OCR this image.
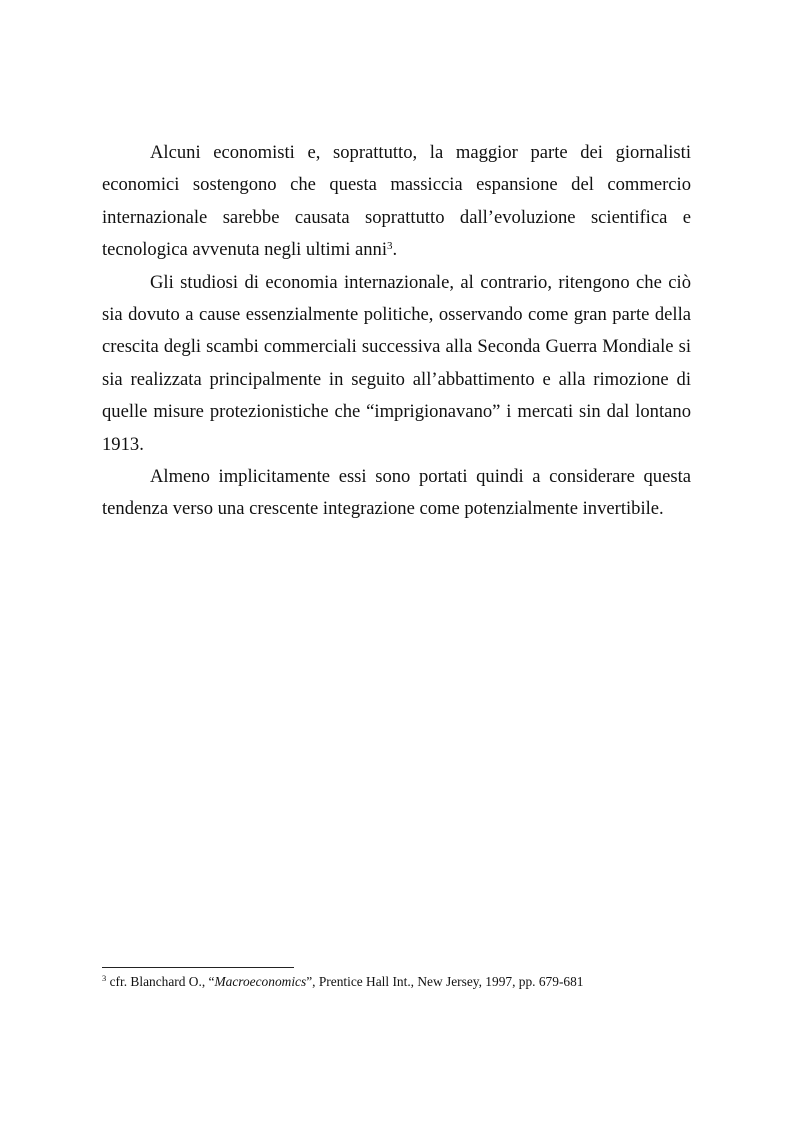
Alcuni economisti e, soprattutto, la maggior parte dei giornalisti economici sostengono che questa massiccia espansione del commercio internazionale sarebbe causata soprattutto dall’evoluzione scientifica e tecnologica avvenuta negli ultimi anni$^3$.

Gli studiosi di economia internazionale, al contrario, ritengono che ciò sia dovuto a cause essenzialmente politiche, osservando come gran parte della crescita degli scambi commerciali successiva alla Seconda Guerra Mondiale si sia realizzata principalmente in seguito all’abbattimento e alla rimozione di quelle misure protezionistiche che “imprigionavano” i mercati sin dal lontano 1913.

Almeno implicitamente essi sono portati quindi a considerare questa tendenza verso una crescente integrazione come potenzialmente invertibile.

$^3$ cfr. Blanchard O., “Macroeconomics”, Prentice Hall Int., New Jersey, 1997, pp. 679-681
